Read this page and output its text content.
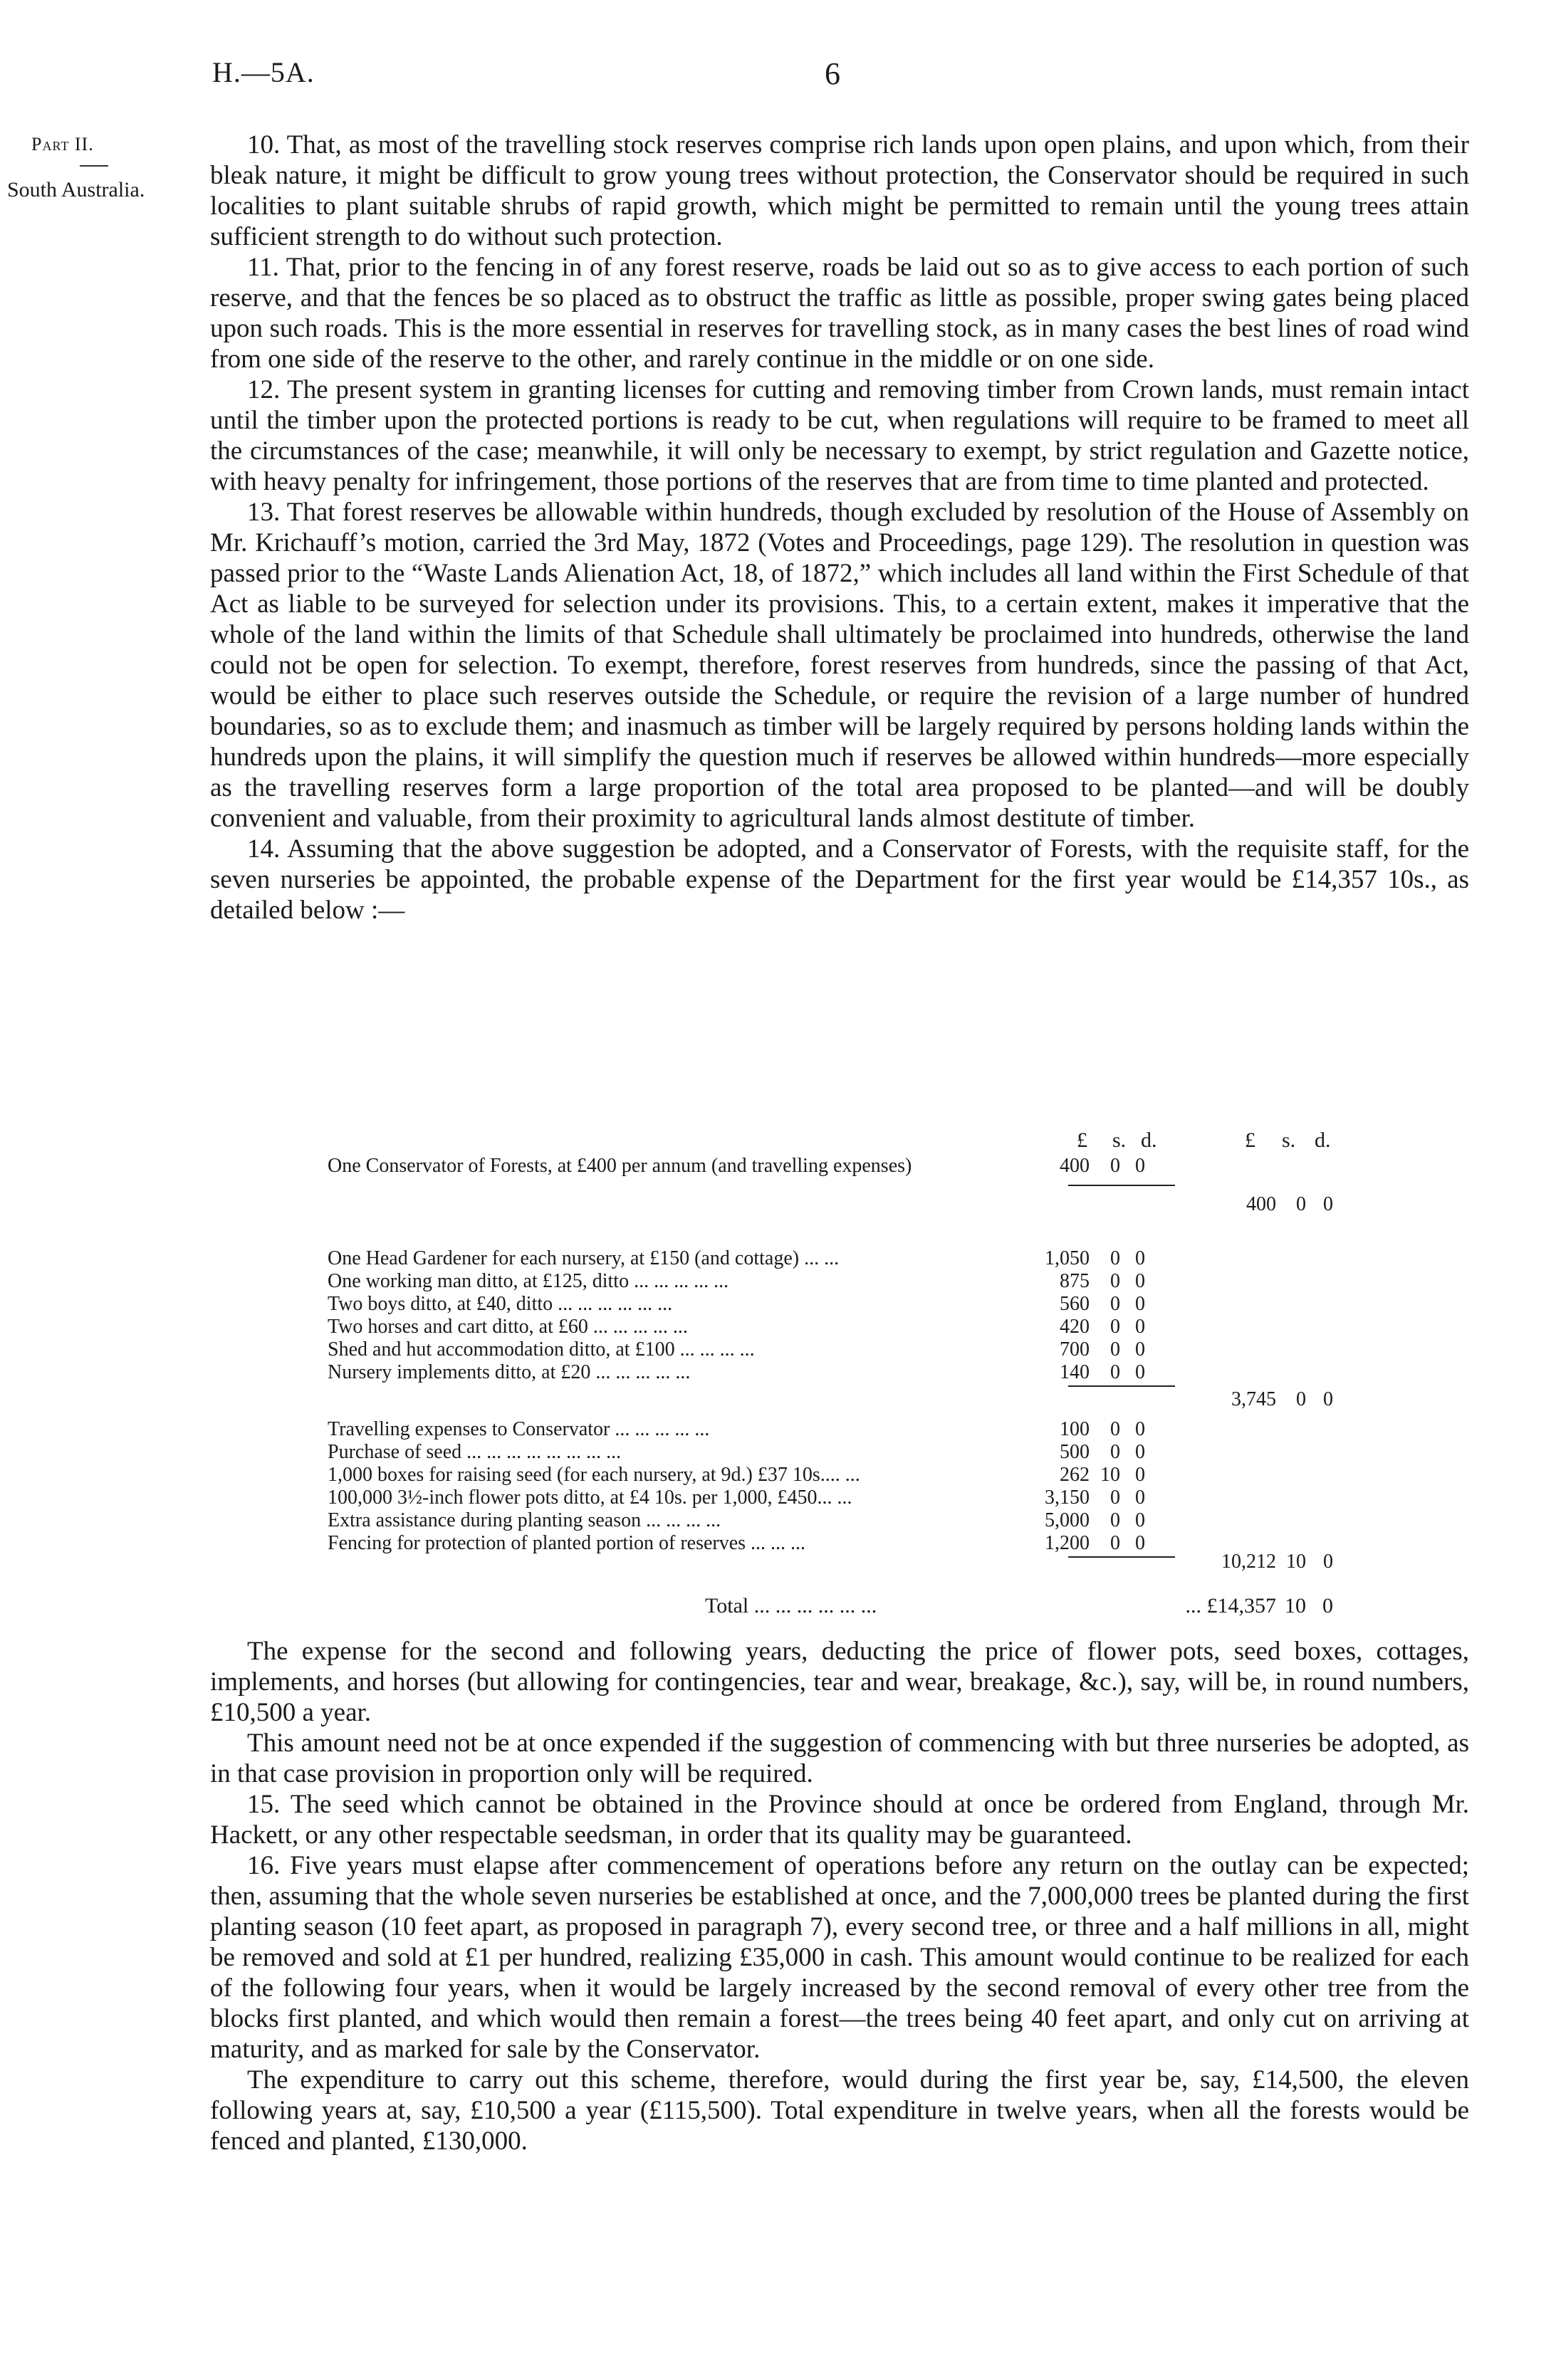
H.—5A.	6
Part II.
South Australia.

10. That, as most of the travelling stock reserves comprise rich lands upon open plains, and upon which, from their bleak nature, it might be difficult to grow young trees without protection, the Conservator should be required in such localities to plant suitable shrubs of rapid growth, which might be permitted to remain until the young trees attain sufficient strength to do without such protection.

11. That, prior to the fencing in of any forest reserve, roads be laid out so as to give access to each portion of such reserve, and that the fences be so placed as to obstruct the traffic as little as possible, proper swing gates being placed upon such roads. This is the more essential in reserves for travelling stock, as in many cases the best lines of road wind from one side of the reserve to the other, and rarely continue in the middle or on one side.

12. The present system in granting licenses for cutting and removing timber from Crown lands, must remain intact until the timber upon the protected portions is ready to be cut, when regulations will require to be framed to meet all the circumstances of the case; meanwhile, it will only be necessary to exempt, by strict regulation and Gazette notice, with heavy penalty for infringement, those portions of the reserves that are from time to time planted and protected.

13. That forest reserves be allowable within hundreds, though excluded by resolution of the House of Assembly on Mr. Krichauff’s motion, carried the 3rd May, 1872 (Votes and Proceedings, page 129). The resolution in question was passed prior to the “Waste Lands Alienation Act, 18, of 1872,” which includes all land within the First Schedule of that Act as liable to be surveyed for selection under its provisions. This, to a certain extent, makes it imperative that the whole of the land within the limits of that Schedule shall ultimately be proclaimed into hundreds, otherwise the land could not be open for selection. To exempt, therefore, forest reserves from hundreds, since the passing of that Act, would be either to place such reserves outside the Schedule, or require the revision of a large number of hundred boundaries, so as to exclude them; and inasmuch as timber will be largely required by persons holding lands within the hundreds upon the plains, it will simplify the question much if reserves be allowed within hundreds—more especially as the travelling reserves form a large proportion of the total area proposed to be planted—and will be doubly convenient and valuable, from their proximity to agricultural lands almost destitute of timber.

14. Assuming that the above suggestion be adopted, and a Conservator of Forests, with the requisite staff, for the seven nurseries be appointed, the probable expense of the Department for the first year would be £14,357 10s., as detailed below :—

£ s. d.	£ s. d.
One Conservator of Forests, at £400 per annum (and travelling expenses)	400 0 0
400 0 0
One Head Gardener for each nursery, at £150 (and cottage) ... ...	1,050 0 0
One working man ditto, at £125, ditto ... ... ... ... ...	875 0 0
Two boys ditto, at £40, ditto ... ... ... ... ... ...	560 0 0
Two horses and cart ditto, at £60 ... ... ... ... ...	420 0 0
Shed and hut accommodation ditto, at £100 ... ... ... ...	700 0 0
Nursery implements ditto, at £20 ... ... ... ... ...	140 0 0
3,745 0 0
Travelling expenses to Conservator ... ... ... ... ...	100 0 0
Purchase of seed ... ... ... ... ... ... ... ...	500 0 0
1,000 boxes for raising seed (for each nursery, at 9d.) £37 10s.... ...	262 10 0
100,000 3½-inch flower pots ditto, at £4 10s. per 1,000, £450... ...	3,150 0 0
Extra assistance during planting season ... ... ... ...	5,000 0 0
Fencing for protection of planted portion of reserves ... ... ...	1,200 0 0
10,212 10 0
Total ... ... ... ... ... ...	... £14,357 10 0

The expense for the second and following years, deducting the price of flower pots, seed boxes, cottages, implements, and horses (but allowing for contingencies, tear and wear, breakage, &c.), say, will be, in round numbers, £10,500 a year.

This amount need not be at once expended if the suggestion of commencing with but three nurseries be adopted, as in that case provision in proportion only will be required.

15. The seed which cannot be obtained in the Province should at once be ordered from England, through Mr. Hackett, or any other respectable seedsman, in order that its quality may be guaranteed.

16. Five years must elapse after commencement of operations before any return on the outlay can be expected; then, assuming that the whole seven nurseries be established at once, and the 7,000,000 trees be planted during the first planting season (10 feet apart, as proposed in paragraph 7), every second tree, or three and a half millions in all, might be removed and sold at £1 per hundred, realizing £35,000 in cash. This amount would continue to be realized for each of the following four years, when it would be largely increased by the second removal of every other tree from the blocks first planted, and which would then remain a forest—the trees being 40 feet apart, and only cut on arriving at maturity, and as marked for sale by the Conservator.

The expenditure to carry out this scheme, therefore, would during the first year be, say, £14,500, the eleven following years at, say, £10,500 a year (£115,500). Total expenditure in twelve years, when all the forests would be fenced and planted, £130,000.
